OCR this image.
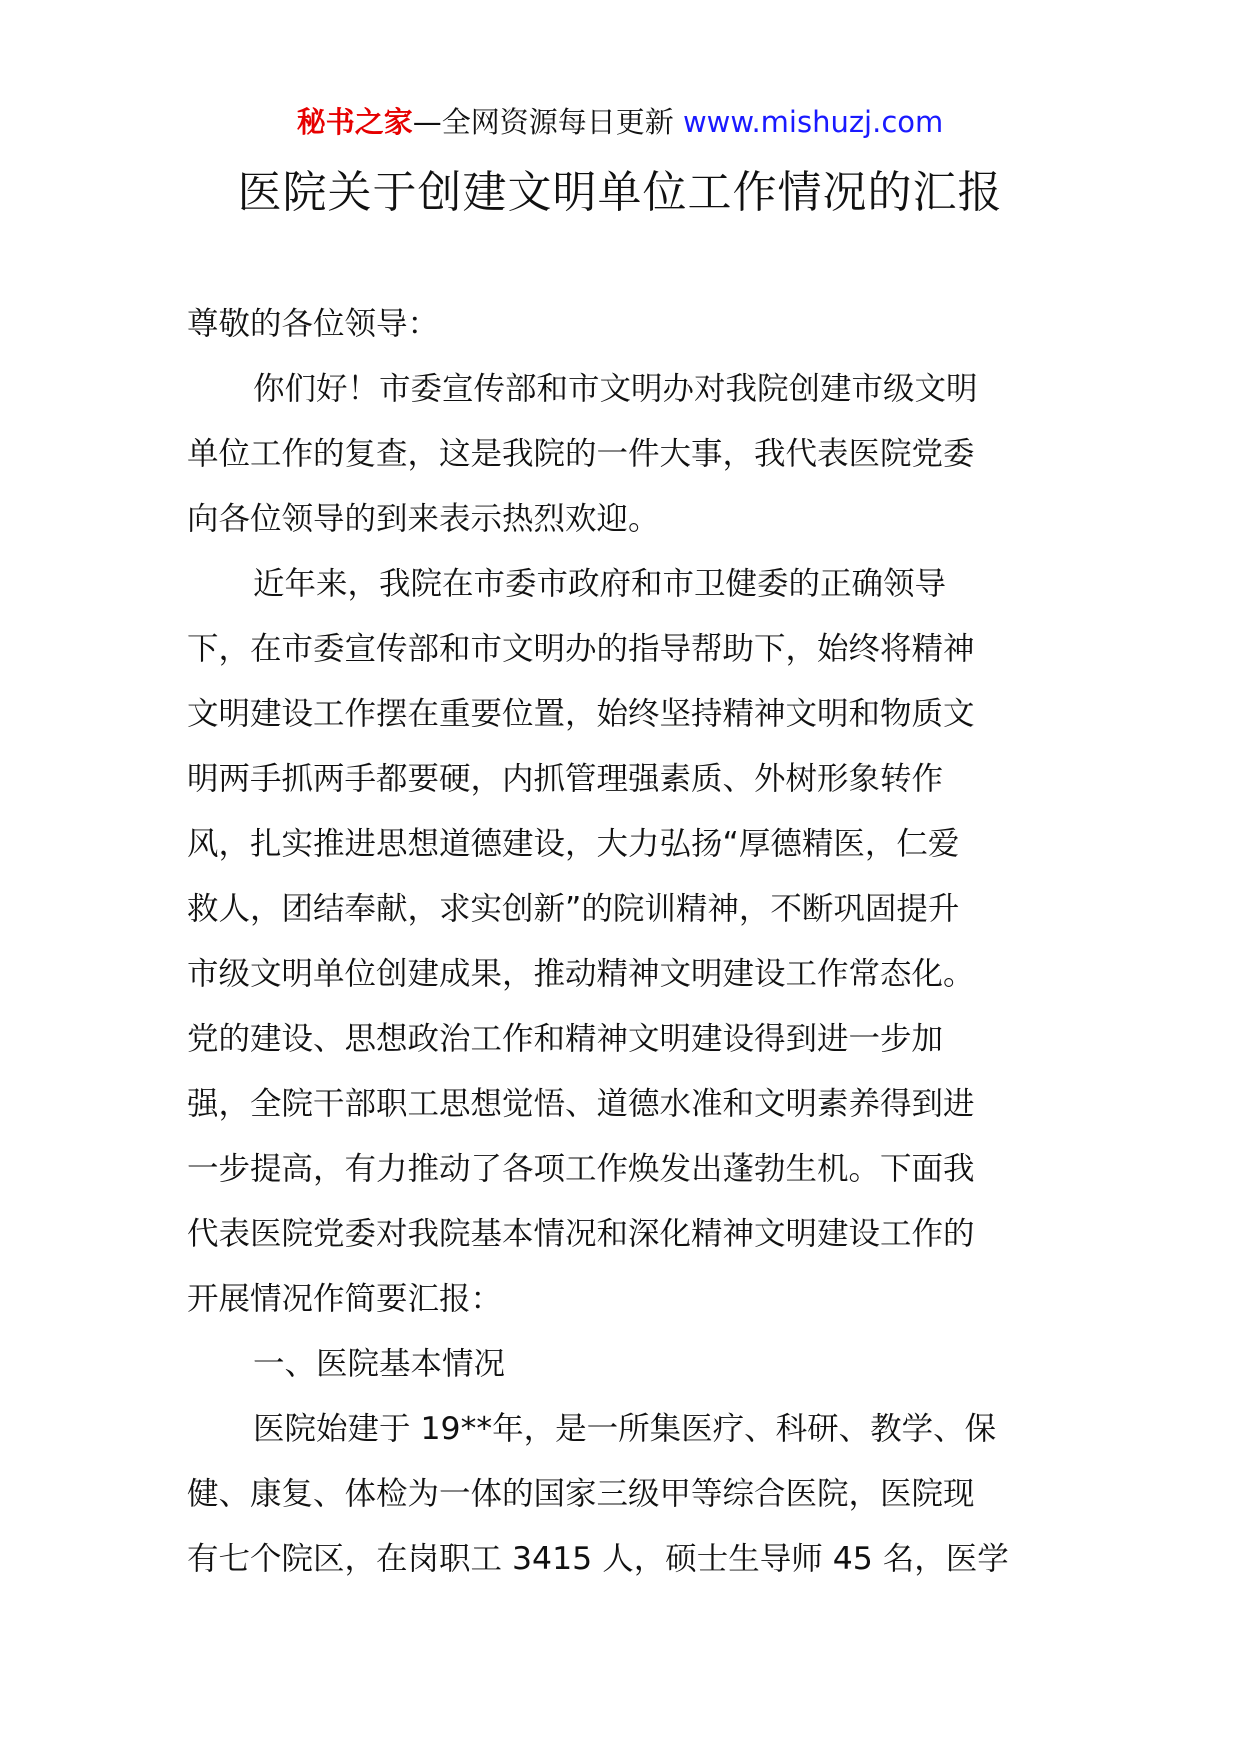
秘书之家—全网资源每日更新 www.mishuzj.com
医院关于创建文明单位工作情况的汇报
尊敬的各位领导：
你们好！市委宣传部和市文明办对我院创建市级文明
单位工作的复查，这是我院的一件大事，我代表医院党委
向各位领导的到来表示热烈欢迎。
近年来，我院在市委市政府和市卫健委的正确领导
下，在市委宣传部和市文明办的指导帮助下，始终将精神
文明建设工作摆在重要位置，始终坚持精神文明和物质文
明两手抓两手都要硬，内抓管理强素质、外树形象转作
风，扎实推进思想道德建设，大力弘扬“厚德精医，仁爱
救人，团结奉献，求实创新”的院训精神，不断巩固提升
市级文明单位创建成果，推动精神文明建设工作常态化。
党的建设、思想政治工作和精神文明建设得到进一步加
强，全院干部职工思想觉悟、道德水准和文明素养得到进
一步提高，有力推动了各项工作焕发出蓬勃生机。下面我
代表医院党委对我院基本情况和深化精神文明建设工作的
开展情况作简要汇报：
一、医院基本情况
医院始建于 19**年，是一所集医疗、科研、教学、保
健、康复、体检为一体的国家三级甲等综合医院，医院现
有七个院区，在岗职工 3415 人，硕士生导师 45 名，医学
